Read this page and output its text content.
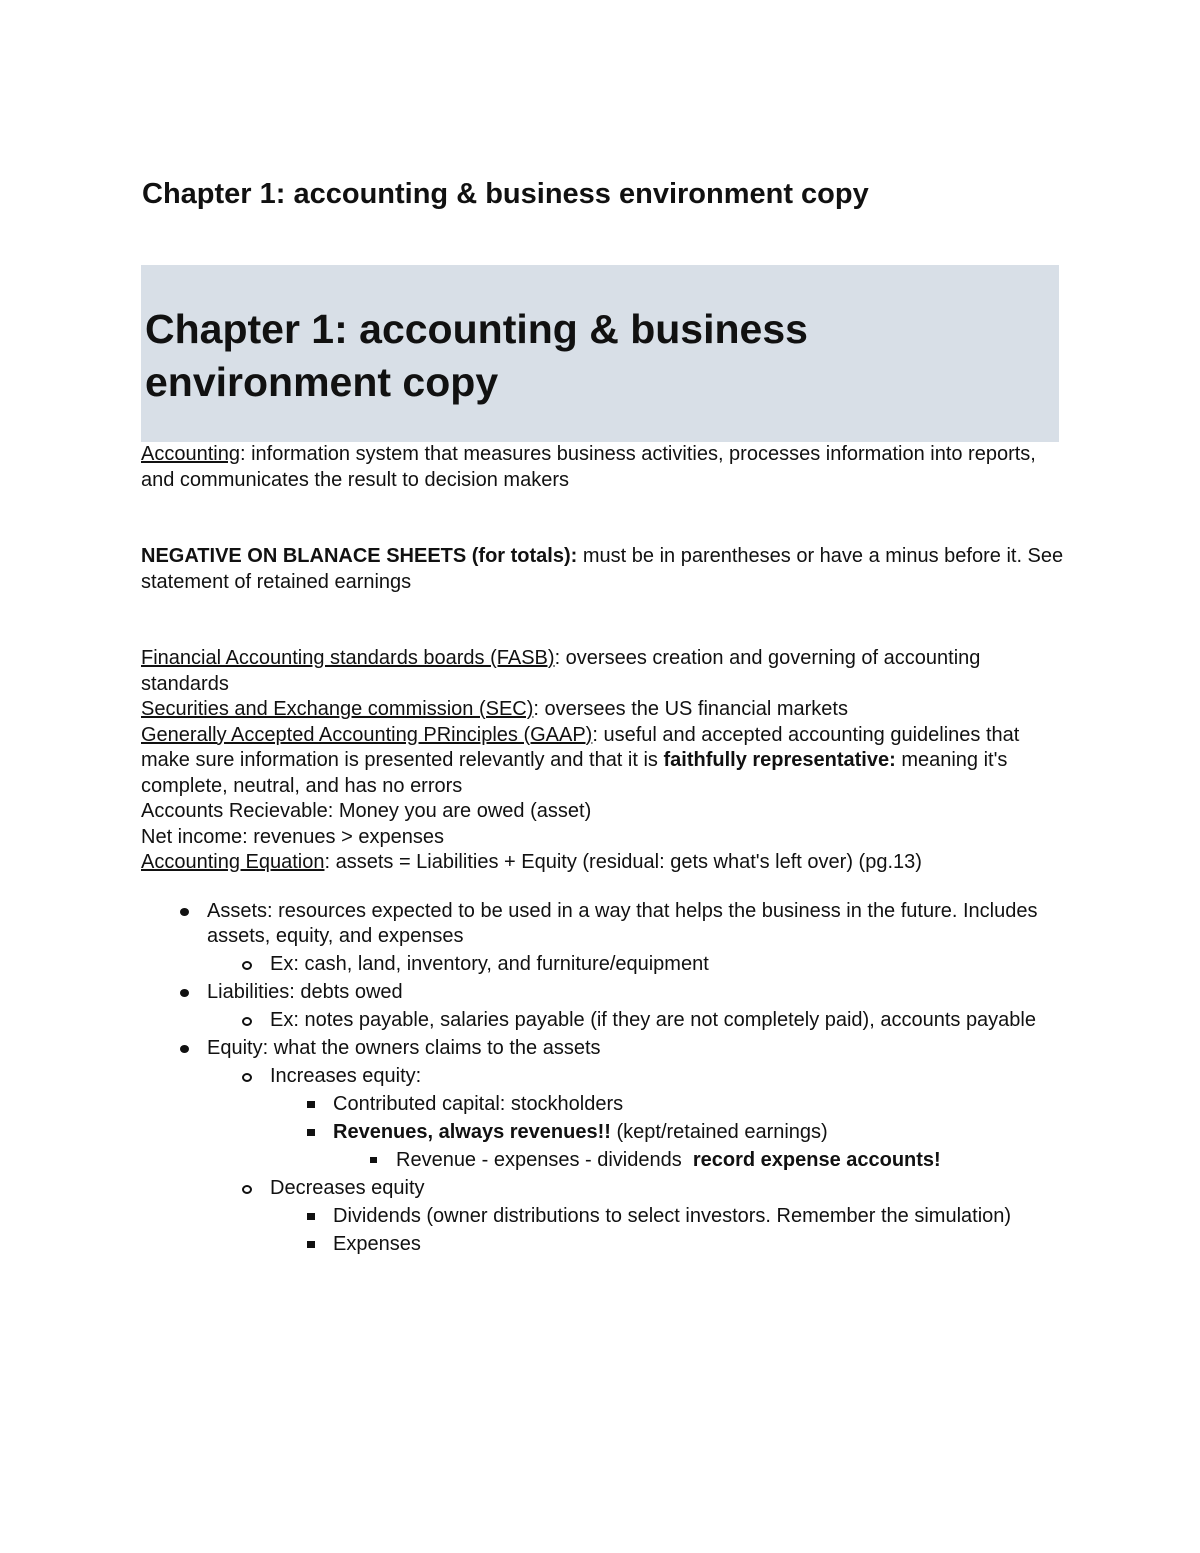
Chapter 1: accounting & business environment copy
Chapter 1: accounting & business environment copy

Accounting: information system that measures business activities, processes information into reports, and communicates the result to decision makers

NEGATIVE ON BLANACE SHEETS (for totals): must be in parentheses or have a minus before it. See statement of retained earnings

Financial Accounting standards boards (FASB): oversees creation and governing of accounting standards

Securities and Exchange commission (SEC): oversees the US financial markets

Generally Accepted Accounting PRinciples (GAAP): useful and accepted accounting guidelines that make sure information is presented relevantly and that it is faithfully representative: meaning it's complete, neutral, and has no errors

Accounts Recievable: Money you are owed (asset)

Net income: revenues > expenses

Accounting Equation: assets = Liabilities + Equity (residual: gets what's left over) (pg.13)

Assets: resources expected to be used in a way that helps the business in the future. Includes assets, equity, and expenses
Ex: cash, land, inventory, and furniture/equipment
Liabilities: debts owed
Ex: notes payable, salaries payable (if they are not completely paid), accounts payable
Equity: what the owners claims to the assets
Increases equity:
Contributed capital: stockholders
Revenues, always revenues!! (kept/retained earnings)
Revenue - expenses - dividends  record expense accounts!
Decreases equity
Dividends (owner distributions to select investors. Remember the simulation)
Expenses
